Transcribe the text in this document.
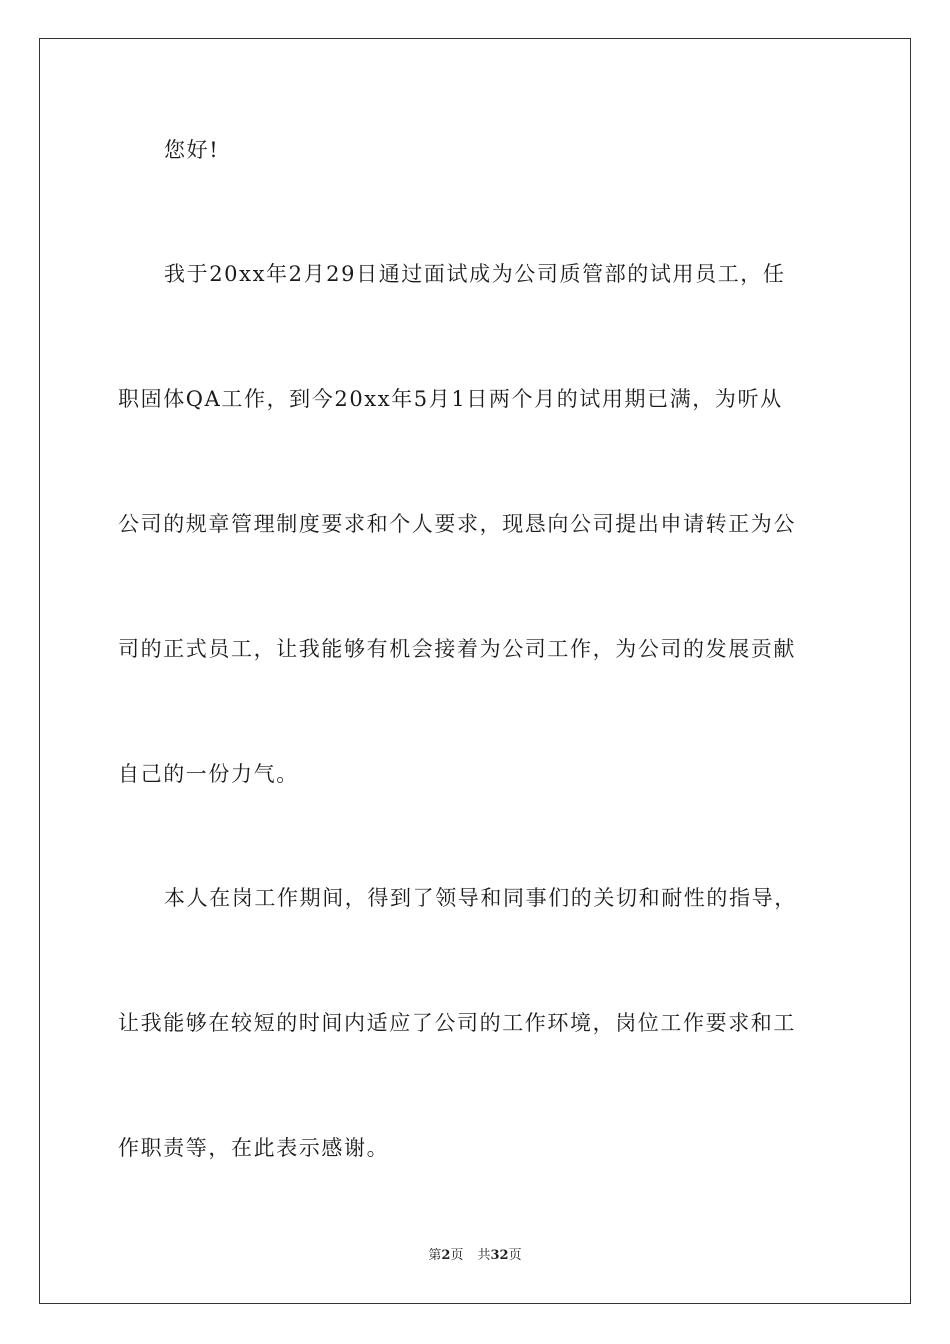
您好!
我于20xx年2月29日通过面试成为公司质管部的试用员工，任
职固体QA工作，到今20xx年5月1日两个月的试用期已满，为听从
公司的规章管理制度要求和个人要求，现恳向公司提出申请转正为公
司的正式员工，让我能够有机会接着为公司工作，为公司的发展贡献
自己的一份力气。
本人在岗工作期间，得到了领导和同事们的关切和耐性的指导，
让我能够在较短的时间内适应了公司的工作环境，岗位工作要求和工
作职责等，在此表示感谢。
第2页 共32页
